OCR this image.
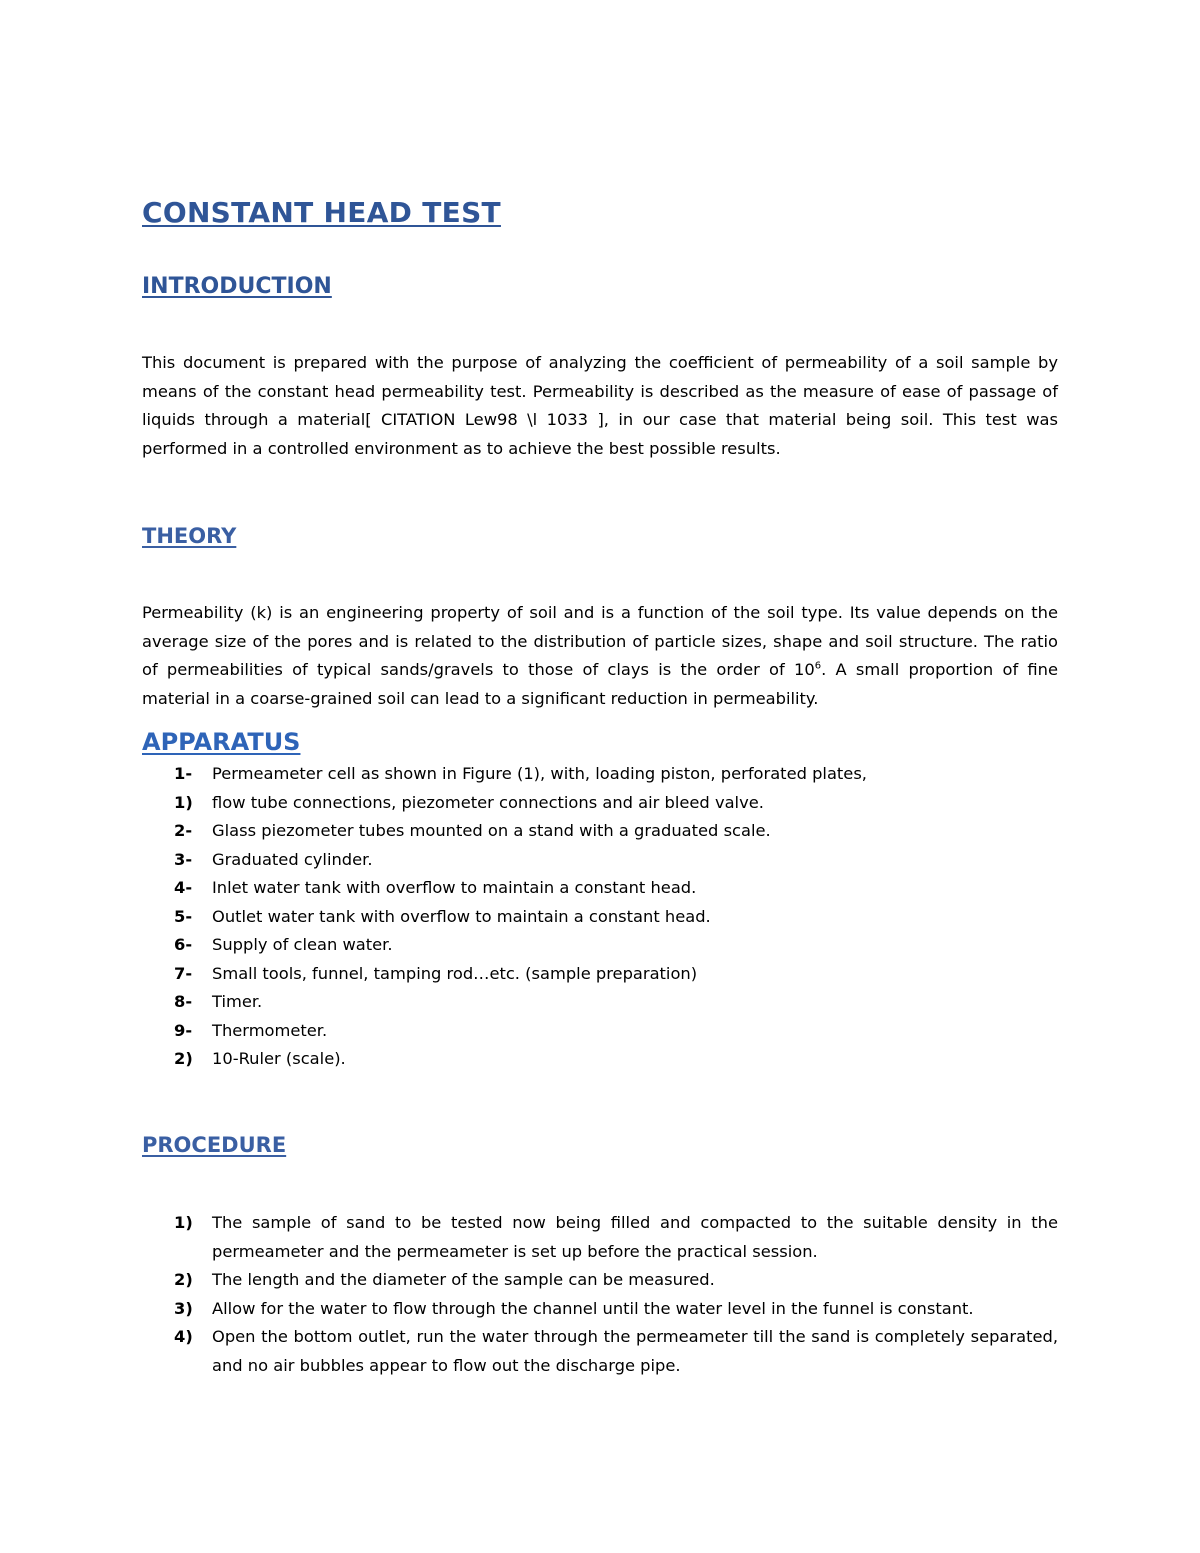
CONSTANT HEAD TEST
INTRODUCTION

This document is prepared with the purpose of analyzing the coefficient of permeability of a soil sample by means of the constant head permeability test. Permeability is described as the measure of ease of passage of liquids through a material[ CITATION Lew98 \l 1033 ], in our case that material being soil. This test was performed in a controlled environment as to achieve the best possible results.

THEORY

Permeability (k) is an engineering property of soil and is a function of the soil type. Its value depends on the average size of the pores and is related to the distribution of particle sizes, shape and soil structure. The ratio of permeabilities of typical sands/gravels to those of clays is the order of $10^6$. A small proportion of fine material in a coarse-grained soil can lead to a significant reduction in permeability.

APPARATUS
1-	Permeameter cell as shown in Figure (1), with, loading piston, perforated plates,
1)	flow tube connections, piezometer connections and air bleed valve.
2-	Glass piezometer tubes mounted on a stand with a graduated scale.
3-	Graduated cylinder.
4-	Inlet water tank with overflow to maintain a constant head.
5-	Outlet water tank with overflow to maintain a constant head.
6-	Supply of clean water.
7-	Small tools, funnel, tamping rod…etc. (sample preparation)
8-	Timer.
9-	Thermometer.
2)	10-Ruler (scale).
PROCEDURE
1)	The sample of sand to be tested now being filled and compacted to the suitable density in the permeameter and the permeameter is set up before the practical session.
2)	The length and the diameter of the sample can be measured.
3)	Allow for the water to flow through the channel until the water level in the funnel is constant.
4)	Open the bottom outlet, run the water through the permeameter till the sand is completely separated, and no air bubbles appear to flow out the discharge pipe.
